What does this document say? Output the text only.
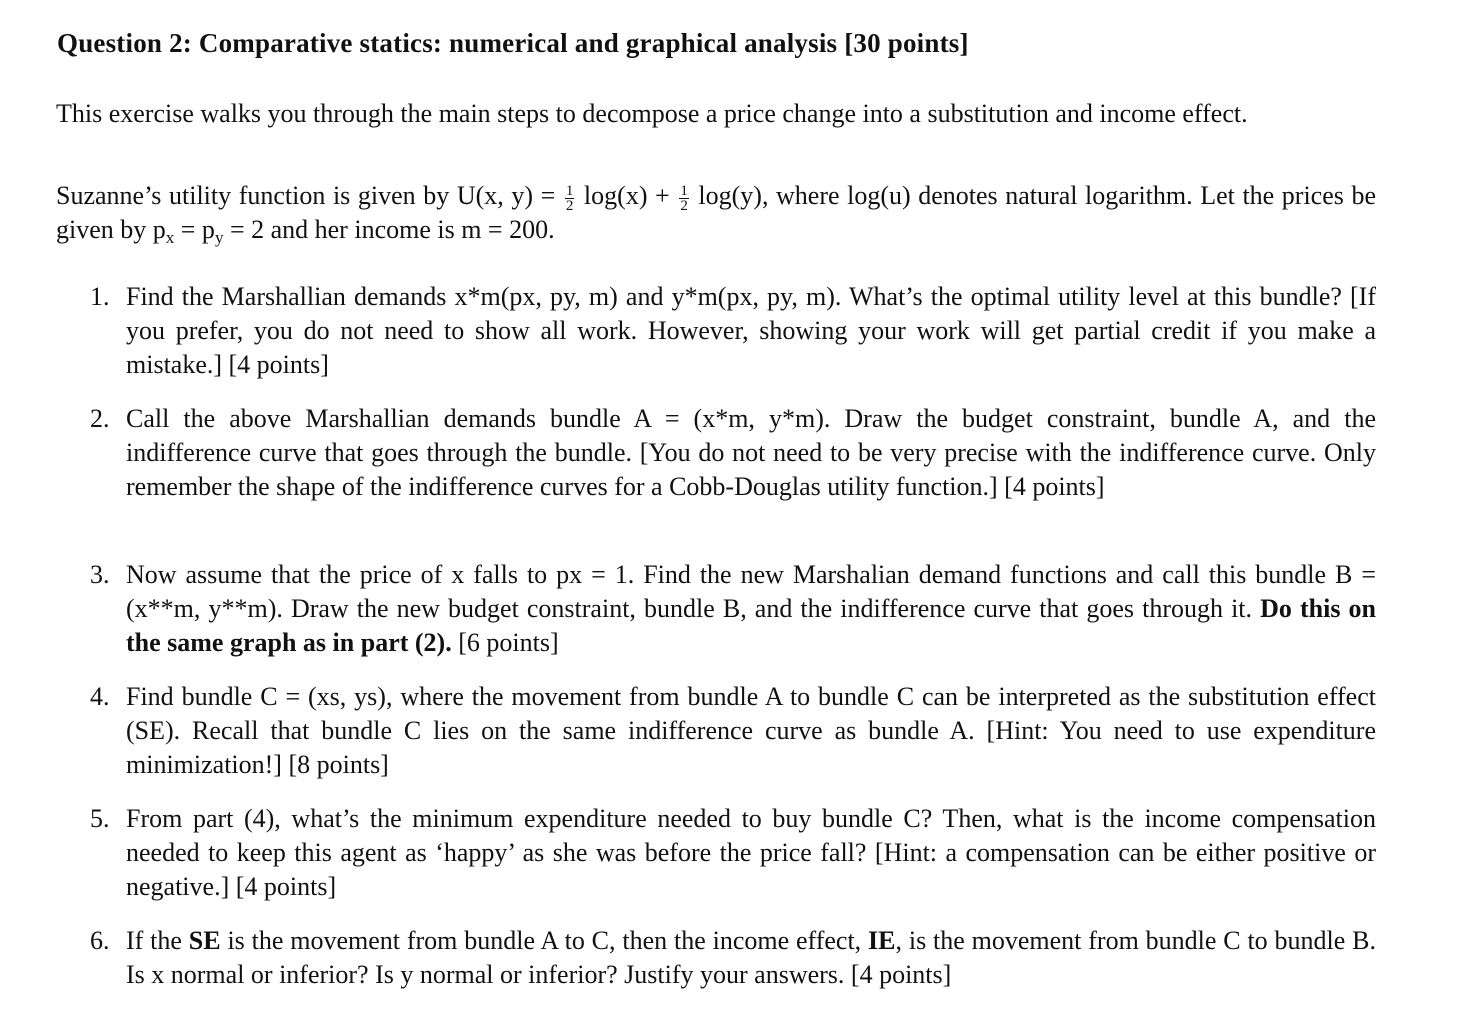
Question 2: Comparative statics: numerical and graphical analysis [30 points]
This exercise walks you through the main steps to decompose a price change into a substitution and income effect.
Suzanne’s utility function is given by U(x, $y) = \frac{1}{2} \log(x) + \frac{1}{2} \log(y)$, where log(u) denotes natural logarithm. Let the prices be given by $p_x = p_y = 2$ and her income is m = 200.
1. Find the Marshallian demands x*m(px, py, m) and y*m(px, py, m). What’s the optimal utility level at this bundle? [If you prefer, you do not need to show all work. However, showing your work will get partial credit if you make a mistake.] [4 points]
2. Call the above Marshallian demands bundle A = (x*m, y*m). Draw the budget constraint, bundle A, and the indifference curve that goes through the bundle. [You do not need to be very precise with the indifference curve. Only remember the shape of the indifference curves for a Cobb-Douglas utility function.] [4 points]
3. Now assume that the price of x falls to px = 1. Find the new Marshalian demand functions and call this bundle B = (x**m, y**m). Draw the new budget constraint, bundle B, and the indifference curve that goes through it. Do this on the same graph as in part (2). [6 points]
4. Find bundle C = (xs, ys), where the movement from bundle A to bundle C can be interpreted as the substitution effect (SE). Recall that bundle C lies on the same indifference curve as bundle A. [Hint: You need to use expenditure minimization!] [8 points]
5. From part (4), what’s the minimum expenditure needed to buy bundle C? Then, what is the income compensation needed to keep this agent as ‘happy’ as she was before the price fall? [Hint: a compensation can be either positive or negative.] [4 points]
6. If the SE is the movement from bundle A to C, then the income effect, IE, is the movement from bundle C to bundle B. Is x normal or inferior? Is y normal or inferior? Justify your answers. [4 points]
